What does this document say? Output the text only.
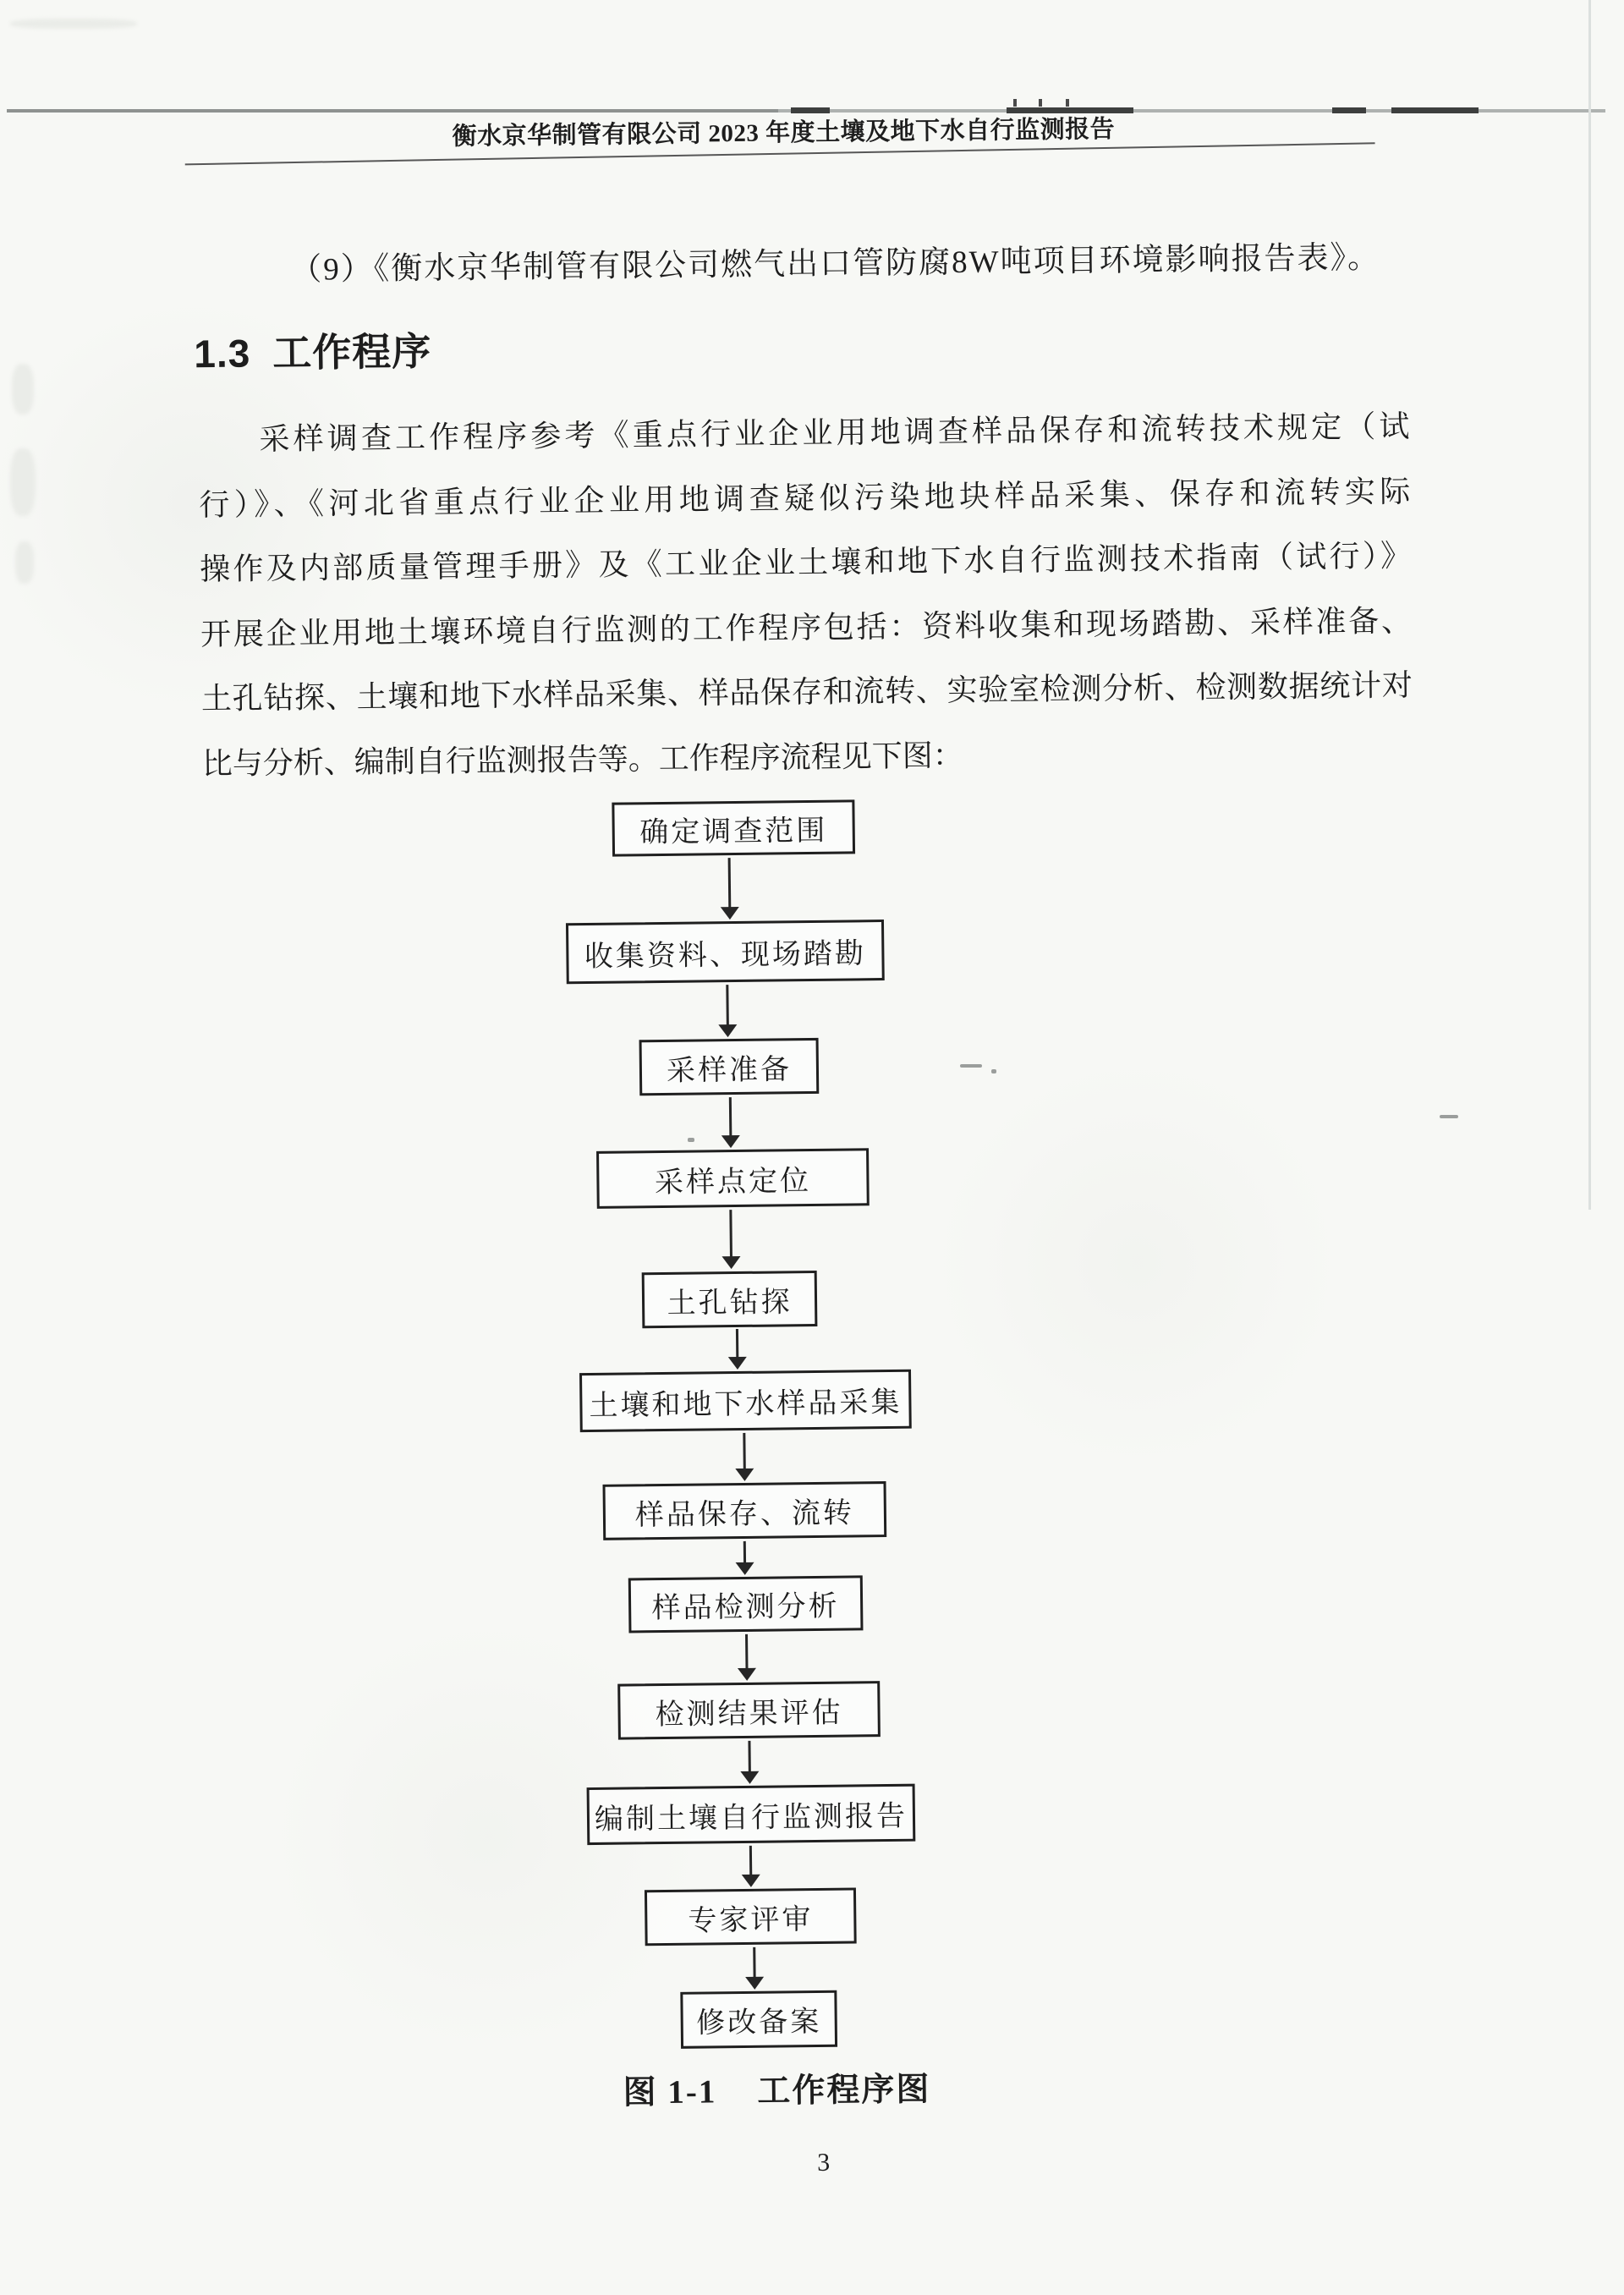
衡水京华制管有限公司 2023 年度土壤及地下水自行监测报告
（9）《衡水京华制管有限公司燃气出口管防腐8W吨项目环境影响报告表》。
1.3 工作程序
采样调查工作程序参考《重点行业企业用地调查样品保存和流转技术规定（试
行）》、《河北省重点行业企业用地调查疑似污染地块样品采集、保存和流转实际
操作及内部质量管理手册》及《工业企业土壤和地下水自行监测技术指南（试行）》
开展企业用地土壤环境自行监测的工作程序包括：资料收集和现场踏勘、采样准备、
土孔钻探、土壤和地下水样品采集、样品保存和流转、实验室检测分析、检测数据统计对
比与分析、编制自行监测报告等。工作程序流程见下图：
确定调查范围
收集资料、现场踏勘
采样准备
采样点定位
土孔钻探
土壤和地下水样品采集
样品保存、流转
样品检测分析
检测结果评估
编制土壤自行监测报告
专家评审
修改备案
图 1-1 工作程序图
3
